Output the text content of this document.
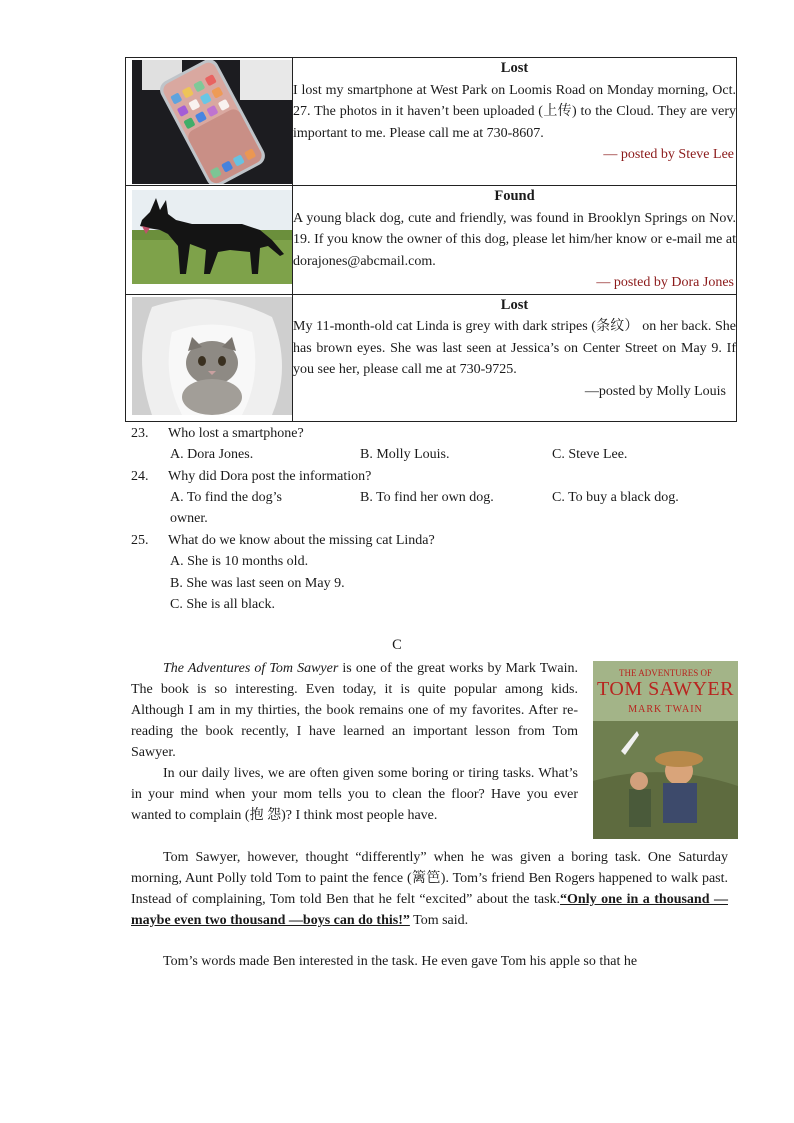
Lost
I lost my smartphone at West Park on Loomis Road on Monday morning, Oct. 27. The photos in it haven’t been uploaded (上传) to the Cloud. They are very important to me. Please call me at 730-8607.
— posted by Steve Lee

Found
A young black dog, cute and friendly, was found in Brooklyn Springs on Nov. 19. If you know the owner of this dog, please let him/her know or e-mail me at dorajones@abcmail.com.
— posted by Dora Jones

Lost
My 11-month-old cat Linda is grey with dark stripes (条纹） on her back. She has brown eyes. She was last seen at Jessica’s on Center Street on May 9. If you see her, please call me at 730-9725.
—posted by Molly Louis
23. Who lost a smartphone?
A. Dora Jones.	B. Molly Louis.	C. Steve Lee.
24. Why did Dora post the information?
A. To find the dog’s	B. To find her own dog.	C. To buy a black dog.
owner.
25. What do we know about the missing cat Linda?
A. She is 10 months old.
B. She was last seen on May 9.
C. She is all black.
C
The Adventures of Tom Sawyer is one of the great works by Mark Twain. The book is so interesting. Even today, it is quite popular among kids. Although I am in my thirties, the book remains one of my favorites. After re-reading the book recently, I have learned an important lesson from Tom Sawyer.
In our daily lives, we are often given some boring or tiring tasks. What’s in your mind when your mom tells you to clean the floor? Have you ever wanted to complain (抱 怨)? I think most people have.
THE ADVENTURES OF
TOM SAWYER
MARK TWAIN
Tom Sawyer, however, thought “differently” when he was given a boring task. One Saturday morning, Aunt Polly told Tom to paint the fence (篱笆). Tom’s friend Ben Rogers happened to walk past. Instead of complaining, Tom told Ben that he felt “excited” about the task.“Only one in a thousand —maybe even two thousand —boys can do this!” Tom said.
Tom’s words made Ben interested in the task. He even gave Tom his apple so that he
